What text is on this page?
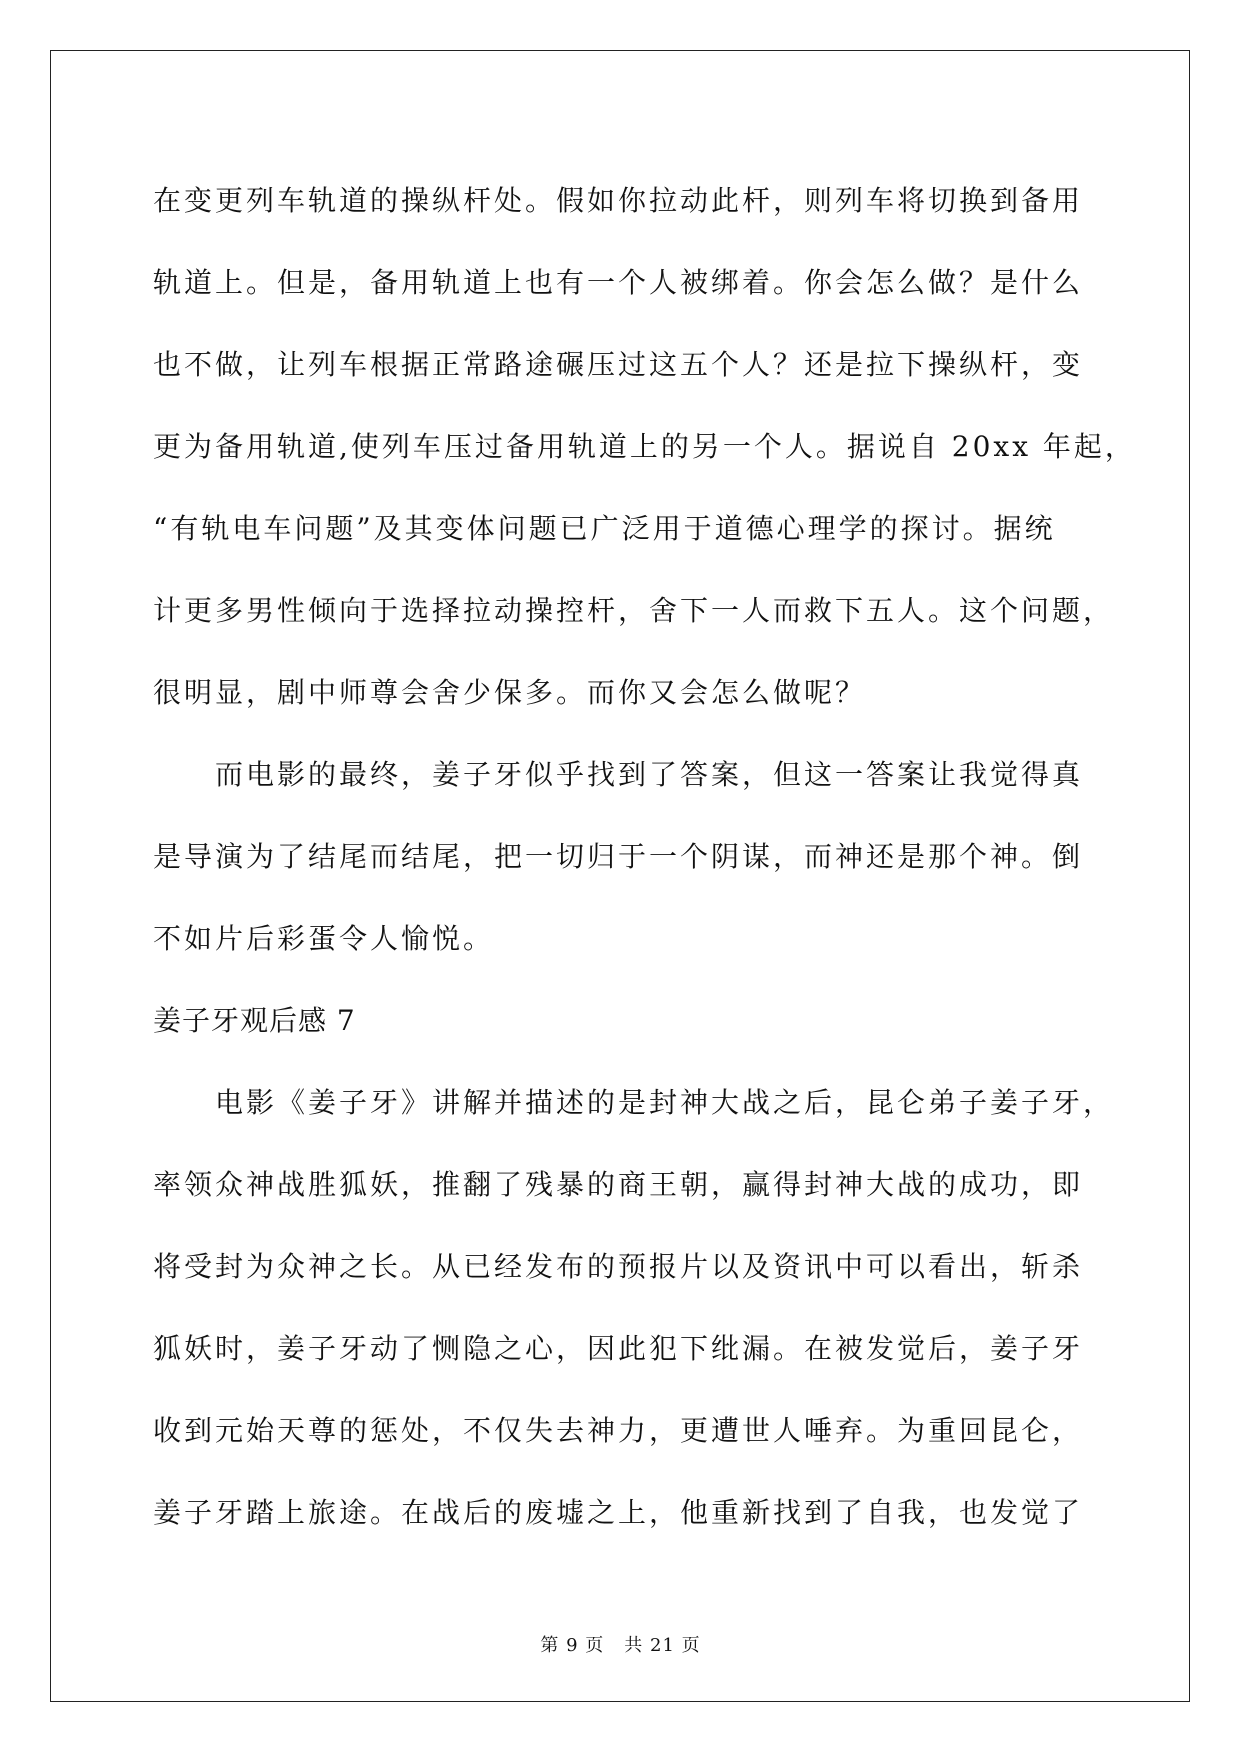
在变更列车轨道的操纵杆处。假如你拉动此杆，则列车将切换到备用
轨道上。但是，备用轨道上也有一个人被绑着。你会怎么做？是什么
也不做，让列车根据正常路途碾压过这五个人？还是拉下操纵杆，变
更为备用轨道,使列车压过备用轨道上的另一个人。据说自 20xx 年起，
“有轨电车问题”及其变体问题已广泛用于道德心理学的探讨。据统
计更多男性倾向于选择拉动操控杆，舍下一人而救下五人。这个问题，
很明显，剧中师尊会舍少保多。而你又会怎么做呢？
而电影的最终，姜子牙似乎找到了答案，但这一答案让我觉得真
是导演为了结尾而结尾，把一切归于一个阴谋，而神还是那个神。倒
不如片后彩蛋令人愉悦。
姜子牙观后感 7
电影《姜子牙》讲解并描述的是封神大战之后，昆仑弟子姜子牙，
率领众神战胜狐妖，推翻了残暴的商王朝，赢得封神大战的成功，即
将受封为众神之长。从已经发布的预报片以及资讯中可以看出，斩杀
狐妖时，姜子牙动了恻隐之心，因此犯下纰漏。在被发觉后，姜子牙
收到元始天尊的惩处，不仅失去神力，更遭世人唾弃。为重回昆仑，
姜子牙踏上旅途。在战后的废墟之上，他重新找到了自我，也发觉了
第 9 页 共 21 页
